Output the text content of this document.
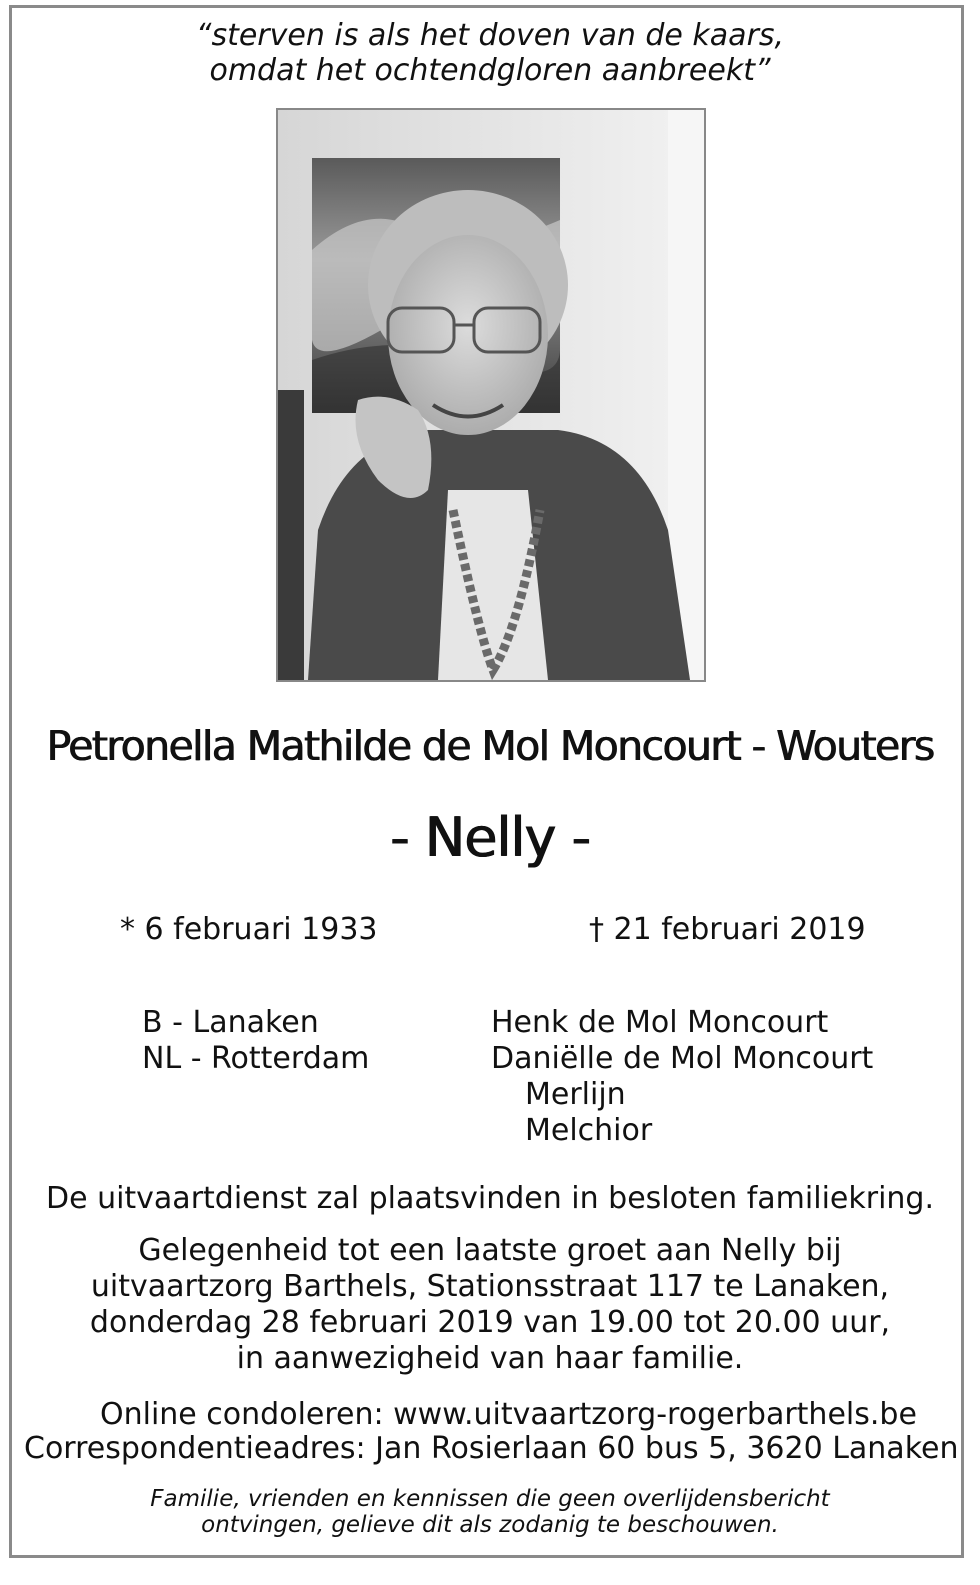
“sterven is als het doven van de kaars,
omdat het ochtendgloren aanbreekt”
Petronella Mathilde de Mol Moncourt - Wouters
- Nelly -
* 6 februari 1933	† 21 februari 2019
B - Lanaken
NL - Rotterdam
Henk de Mol Moncourt
Daniëlle de Mol Moncourt
Merlijn
Melchior
De uitvaartdienst zal plaatsvinden in besloten familiekring.
Gelegenheid tot een laatste groet aan Nelly bij
uitvaartzorg Barthels, Stationsstraat 117 te Lanaken,
donderdag 28 februari 2019 van 19.00 tot 20.00 uur,
in aanwezigheid van haar familie.
Online condoleren: www.uitvaartzorg-rogerbarthels.be
Correspondentieadres: Jan Rosierlaan 60 bus 5, 3620 Lanaken
Familie, vrienden en kennissen die geen overlijdensbericht
ontvingen, gelieve dit als zodanig te beschouwen.
